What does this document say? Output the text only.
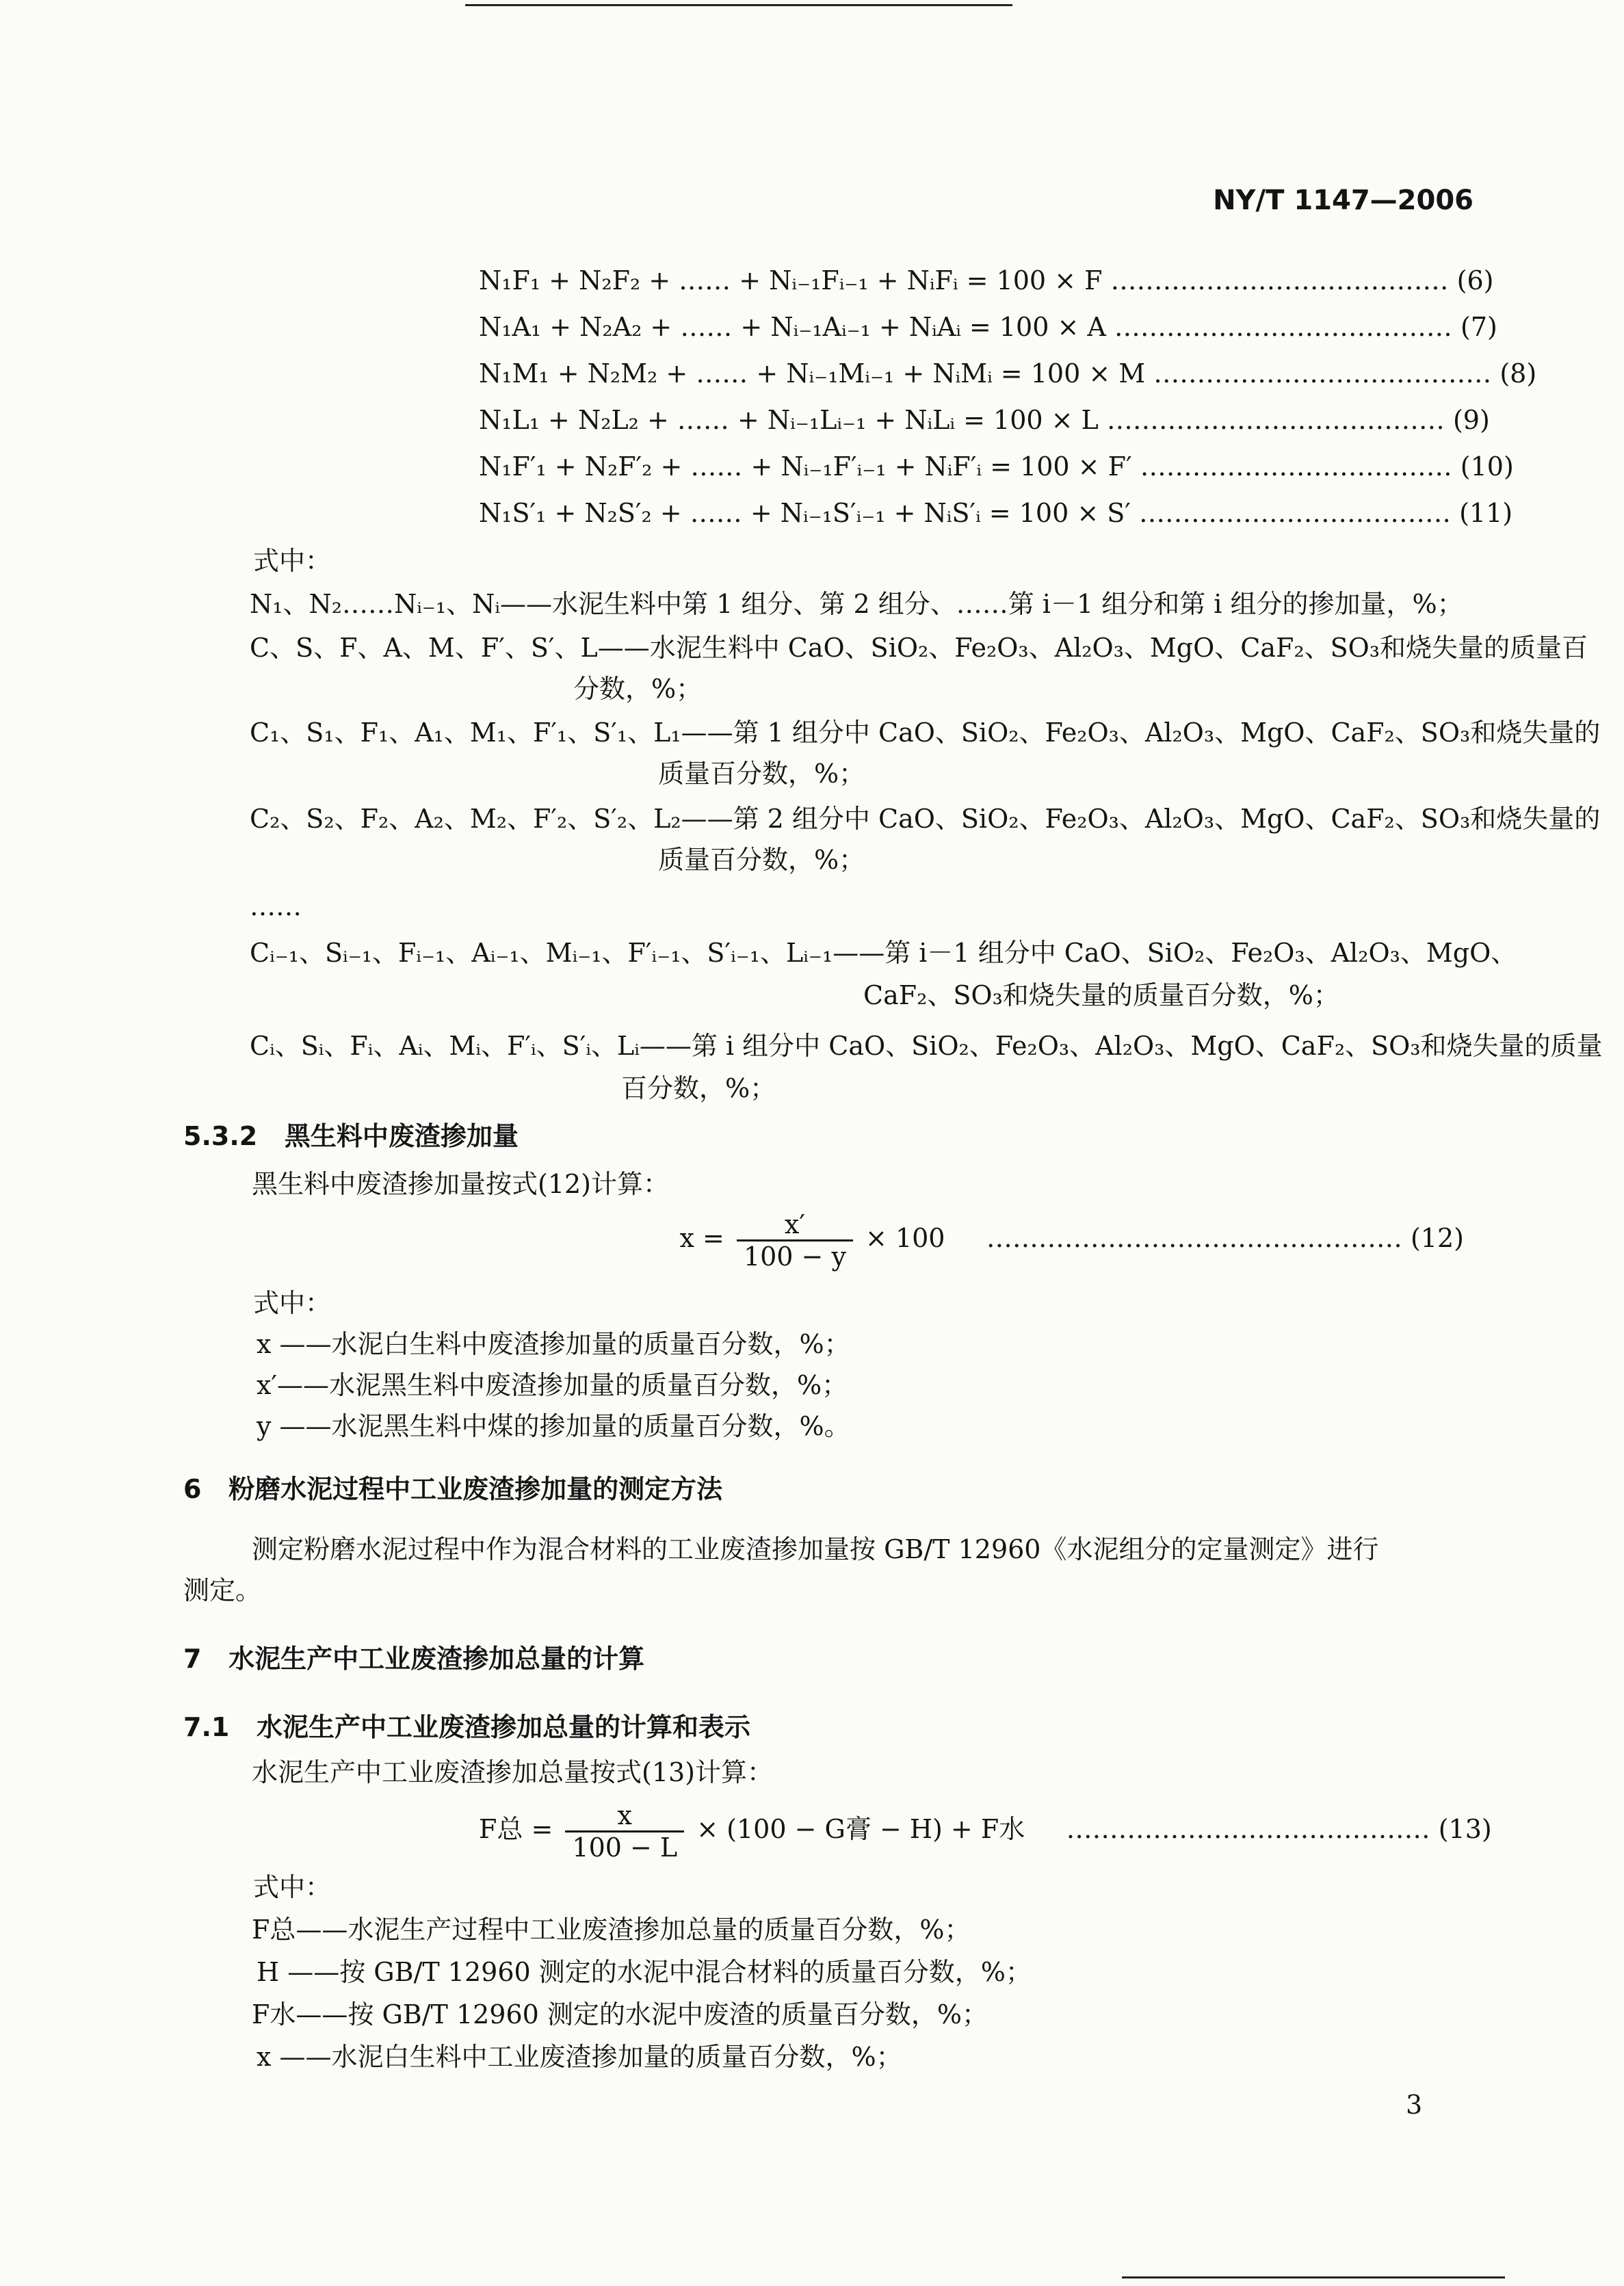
NY/T 1147—2006
N₁F₁ + N₂F₂ + …… + Nᵢ₋₁Fᵢ₋₁ + NᵢFᵢ = 100 × F ………………………………… (6)
N₁A₁ + N₂A₂ + …… + Nᵢ₋₁Aᵢ₋₁ + NᵢAᵢ = 100 × A ………………………………… (7)
N₁M₁ + N₂M₂ + …… + Nᵢ₋₁Mᵢ₋₁ + NᵢMᵢ = 100 × M ………………………………… (8)
N₁L₁ + N₂L₂ + …… + Nᵢ₋₁Lᵢ₋₁ + NᵢLᵢ = 100 × L ………………………………… (9)
N₁F′₁ + N₂F′₂ + …… + Nᵢ₋₁F′ᵢ₋₁ + NᵢF′ᵢ = 100 × F′ ……………………………… (10)
N₁S′₁ + N₂S′₂ + …… + Nᵢ₋₁S′ᵢ₋₁ + NᵢS′ᵢ = 100 × S′ ……………………………… (11)
式中：
N₁、N₂……Nᵢ₋₁、Nᵢ——水泥生料中第 1 组分、第 2 组分、……第 i－1 组分和第 i 组分的掺加量，%；
C、S、F、A、M、F′、S′、L——水泥生料中 CaO、SiO₂、Fe₂O₃、Al₂O₃、MgO、CaF₂、SO₃和烧失量的质量百
分数，%；
C₁、S₁、F₁、A₁、M₁、F′₁、S′₁、L₁——第 1 组分中 CaO、SiO₂、Fe₂O₃、Al₂O₃、MgO、CaF₂、SO₃和烧失量的
质量百分数，%；
C₂、S₂、F₂、A₂、M₂、F′₂、S′₂、L₂——第 2 组分中 CaO、SiO₂、Fe₂O₃、Al₂O₃、MgO、CaF₂、SO₃和烧失量的
质量百分数，%；
……
Cᵢ₋₁、Sᵢ₋₁、Fᵢ₋₁、Aᵢ₋₁、Mᵢ₋₁、F′ᵢ₋₁、S′ᵢ₋₁、Lᵢ₋₁——第 i－1 组分中 CaO、SiO₂、Fe₂O₃、Al₂O₃、MgO、
CaF₂、SO₃和烧失量的质量百分数，%；
Cᵢ、Sᵢ、Fᵢ、Aᵢ、Mᵢ、F′ᵢ、S′ᵢ、Lᵢ——第 i 组分中 CaO、SiO₂、Fe₂O₃、Al₂O₃、MgO、CaF₂、SO₃和烧失量的质量
百分数，%；
5.3.2 黑生料中废渣掺加量
黑生料中废渣掺加量按式(12)计算：
$x = \frac{x'}{100 - y} \times 100$     ………………………………………… (12)
式中：
x ——水泥白生料中废渣掺加量的质量百分数，%；
x′——水泥黑生料中废渣掺加量的质量百分数，%；
y ——水泥黑生料中煤的掺加量的质量百分数，%。
6 粉磨水泥过程中工业废渣掺加量的测定方法
测定粉磨水泥过程中作为混合材料的工业废渣掺加量按 GB/T 12960《水泥组分的定量测定》进行
测定。
7 水泥生产中工业废渣掺加总量的计算
7.1 水泥生产中工业废渣掺加总量的计算和表示
水泥生产中工业废渣掺加总量按式(13)计算：
F总 = $\frac{x}{100 - L} \times (100 - G$膏 − H) + F水     …………………………………… (13)
式中：
F总——水泥生产过程中工业废渣掺加总量的质量百分数，%；
H ——按 GB/T 12960 测定的水泥中混合材料的质量百分数，%；
F水——按 GB/T 12960 测定的水泥中废渣的质量百分数，%；
x ——水泥白生料中工业废渣掺加量的质量百分数，%；
3
